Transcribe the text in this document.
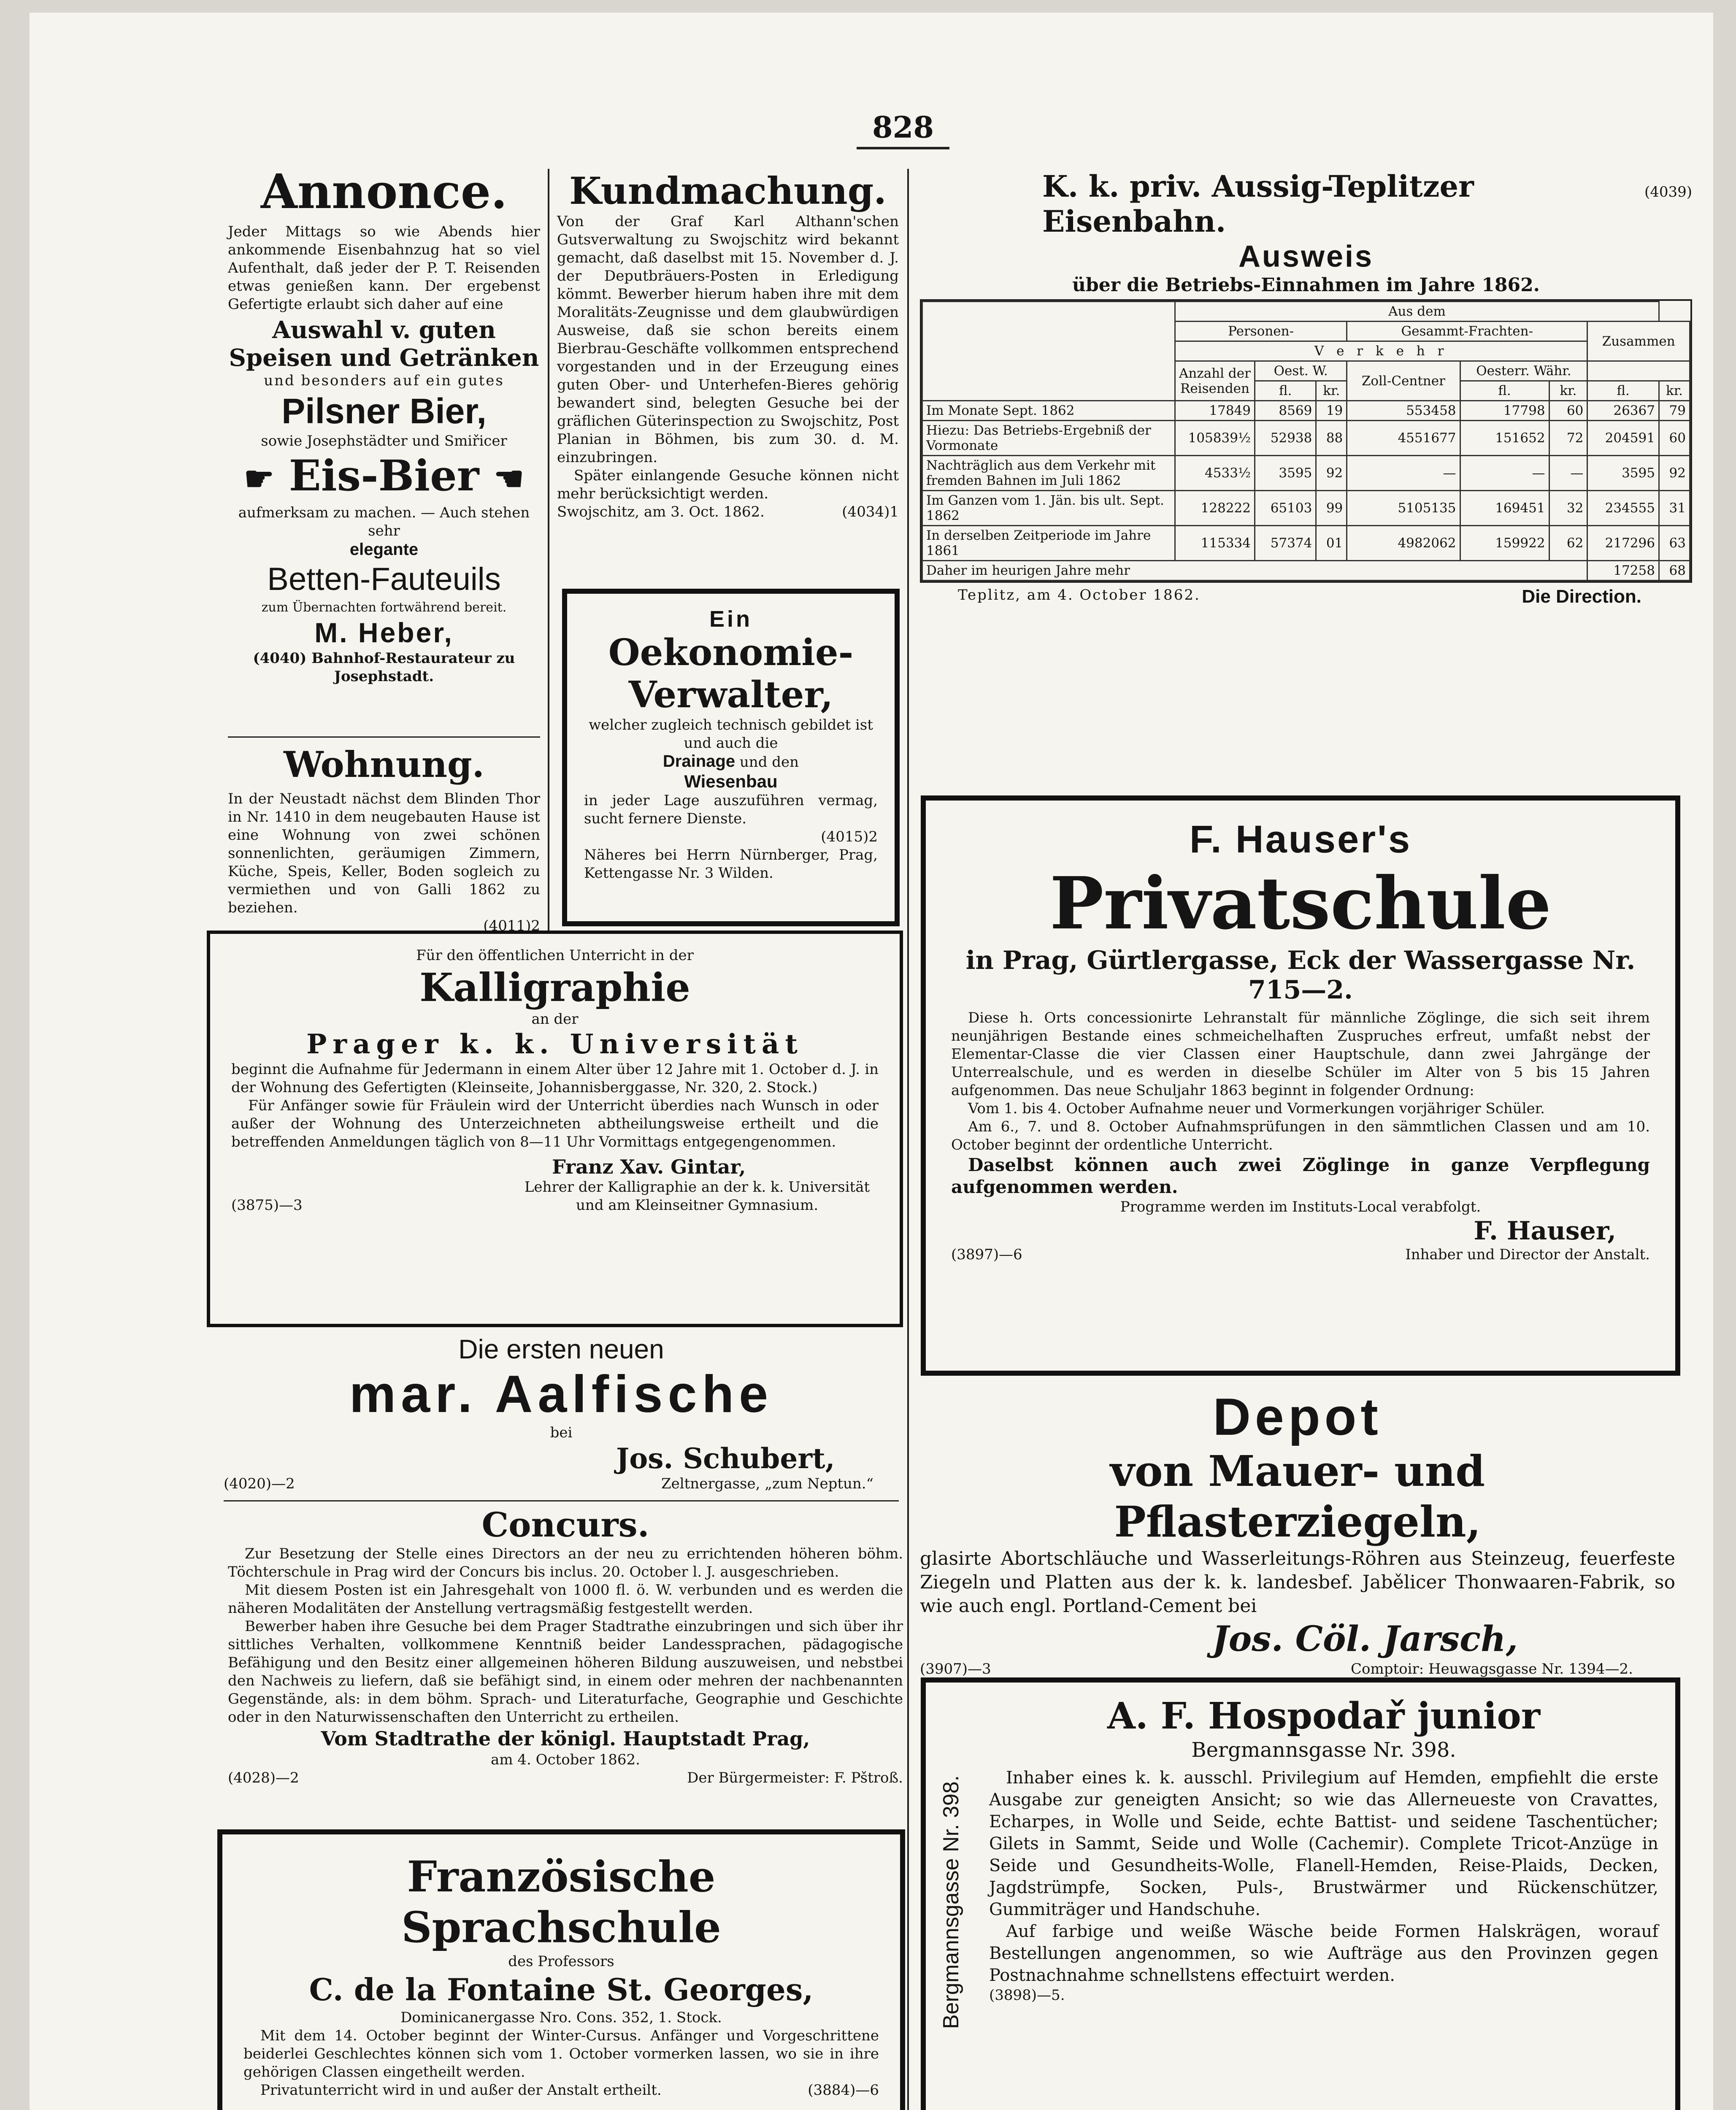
828
Annonce.
Jeder Mittags so wie Abends hier ankommende Eisenbahnzug hat so viel Aufenthalt, daß jeder der P. T. Reisenden etwas genießen kann. Der ergebenst Gefertigte erlaubt sich daher auf eine
Auswahl v. guten Speisen und Getränken
und besonders auf ein gutes
Pilsner Bier,
sowie Josephstädter und Smiřicer
☛ Eis-Bier ☚
aufmerksam zu machen. — Auch stehen sehr
elegante
Betten-Fauteuils
zum Übernachten fortwährend bereit.
M. Heber,
(4040) Bahnhof-Restaurateur zu Josephstadt.
Wohnung.
In der Neustadt nächst dem Blinden Thor in Nr. 1410 in dem neugebauten Hause ist eine Wohnung von zwei schönen sonnenlichten, geräumigen Zimmern, Küche, Speis, Keller, Boden sogleich zu vermiethen und von Galli 1862 zu beziehen.
(4011)2
Kundmachung.
Von der Graf Karl Althann'schen Gutsverwaltung zu Swojschitz wird bekannt gemacht, daß daselbst mit 15. November d. J. der Deputbräuers-Posten in Erledigung kömmt. Bewerber hierum haben ihre mit dem Moralitäts-Zeugnisse und dem glaubwürdigen Ausweise, daß sie schon bereits einem Bierbrau-Geschäfte vollkommen entsprechend vorgestanden und in der Erzeugung eines guten Ober- und Unterhefen-Bieres gehörig bewandert sind, belegten Gesuche bei der gräflichen Güterinspection zu Swojschitz, Post Planian in Böhmen, bis zum 30. d. M. einzubringen.
Später einlangende Gesuche können nicht mehr berücksichtigt werden.
Swojschitz, am 3. Oct. 1862.	(4034)1
Ein
Oekonomie-
Verwalter,
welcher zugleich technisch gebildet ist und auch die
Drainage und den
Wiesenbau
in jeder Lage auszuführen vermag, sucht fernere Dienste.
(4015)2
Näheres bei Herrn Nürnberger, Prag, Kettengasse Nr. 3 Wilden.
K. k. priv. Aussig-Teplitzer Eisenbahn.
(4039)
Ausweis
über die Betriebs-Einnahmen im Jahre 1862.
	Aus dem							
	Personen-			Gesammt-Frachten-			Zusammen	
	V e r k e h r							
	Anzahl der Reisenden	Oest. W.		Zoll-Centner	Oesterr. Währ.			
		fl.	kr.		fl.	kr.	fl.	kr.
Im Monate Sept. 1862	17849	8569	19	553458	17798	60	26367	79
Hiezu: Das Betriebs-Ergebniß der Vormonate	105839½	52938	88	4551677	151652	72	204591	60
Nachträglich aus dem Verkehr mit fremden Bahnen im Juli 1862	4533½	3595	92	—	—	—	3595	92
Im Ganzen vom 1. Jän. bis ult. Sept. 1862	128222	65103	99	5105135	169451	32	234555	31
In derselben Zeitperiode im Jahre 1861	115334	57374	01	4982062	159922	62	217296	63
Daher im heurigen Jahre mehr							17258	68
Teplitz, am 4. October 1862.	Die Direction.
F. Hauser's
Privatschule
in Prag, Gürtlergasse, Eck der Wassergasse Nr. 715—2.
Diese h. Orts concessionirte Lehranstalt für männliche Zöglinge, die sich seit ihrem neunjährigen Bestande eines schmeichelhaften Zuspruches erfreut, umfaßt nebst der Elementar-Classe die vier Classen einer Hauptschule, dann zwei Jahrgänge der Unterrealschule, und es werden in dieselbe Schüler im Alter von 5 bis 15 Jahren aufgenommen. Das neue Schuljahr 1863 beginnt in folgender Ordnung:
Vom 1. bis 4. October Aufnahme neuer und Vormerkungen vorjähriger Schüler.
Am 6., 7. und 8. October Aufnahmsprüfungen in den sämmtlichen Classen und am 10. October beginnt der ordentliche Unterricht.
Daselbst können auch zwei Zöglinge in ganze Verpflegung aufgenommen werden.
Programme werden im Instituts-Local verabfolgt.
F. Hauser,
(3897)—6	Inhaber und Director der Anstalt.
Für den öffentlichen Unterricht in der
Kalligraphie
an der
Prager k. k. Universität
beginnt die Aufnahme für Jedermann in einem Alter über 12 Jahre mit 1. October d. J. in der Wohnung des Gefertigten (Kleinseite, Johannisberggasse, Nr. 320, 2. Stock.)
Für Anfänger sowie für Fräulein wird der Unterricht überdies nach Wunsch in oder außer der Wohnung des Unterzeichneten abtheilungsweise ertheilt und die betreffenden Anmeldungen täglich von 8—11 Uhr Vormittags entgegengenommen.
Franz Xav. Gintar,
(3875)—3
Lehrer der Kalligraphie an der k. k. Universität und am Kleinseitner Gymnasium.
Die ersten neuen
mar. Aalfische
bei
Jos. Schubert,
(4020)—2	Zeltnergasse, „zum Neptun.“
Concurs.
Zur Besetzung der Stelle eines Directors an der neu zu errichtenden höheren böhm. Töchterschule in Prag wird der Concurs bis inclus. 20. October l. J. ausgeschrieben.
Mit diesem Posten ist ein Jahresgehalt von 1000 fl. ö. W. verbunden und es werden die näheren Modalitäten der Anstellung vertragsmäßig festgestellt werden.
Bewerber haben ihre Gesuche bei dem Prager Stadtrathe einzubringen und sich über ihr sittliches Verhalten, vollkommene Kenntniß beider Landessprachen, pädagogische Befähigung und den Besitz einer allgemeinen höheren Bildung auszuweisen, und nebstbei den Nachweis zu liefern, daß sie befähigt sind, in einem oder mehren der nachbenannten Gegenstände, als: in dem böhm. Sprach- und Literaturfache, Geographie und Geschichte oder in den Naturwissenschaften den Unterricht zu ertheilen.
Vom Stadtrathe der königl. Hauptstadt Prag,
am 4. October 1862.
(4028)—2	Der Bürgermeister: F. Pštroß.
Französische Sprachschule
des Professors
C. de la Fontaine St. Georges,
Dominicanergasse Nro. Cons. 352, 1. Stock.
Mit dem 14. October beginnt der Winter-Cursus. Anfänger und Vorgeschrittene beiderlei Geschlechtes können sich vom 1. October vormerken lassen, wo sie in ihre gehörigen Classen eingetheilt werden.
Privatunterricht wird in und außer der Anstalt ertheilt.	(3884)—6
Depot
von Mauer- und Pflasterziegeln,
glasirte Abortschläuche und Wasserleitungs-Röhren aus Steinzeug, feuerfeste Ziegeln und Platten aus der k. k. landesbef. Jabělicer Thonwaaren-Fabrik, so wie auch engl. Portland-Cement bei
Jos. Cöl. Jarsch,
(3907)—3	Comptoir: Heuwagsgasse Nr. 1394—2.
Bergmannsgasse Nr. 398.
A. F. Hospodař junior
Bergmannsgasse Nr. 398.
Inhaber eines k. k. ausschl. Privilegium auf Hemden, empfiehlt die erste Ausgabe zur geneigten Ansicht; so wie das Allerneueste von Cravattes, Echarpes, in Wolle und Seide, echte Battist- und seidene Taschentücher; Gilets in Sammt, Seide und Wolle (Cachemir). Complete Tricot-Anzüge in Seide und Gesundheits-Wolle, Flanell-Hemden, Reise-Plaids, Decken, Jagdstrümpfe, Socken, Puls-, Brustwärmer und Rückenschützer, Gummiträger und Handschuhe.
Auf farbige und weiße Wäsche beide Formen Halskrägen, worauf Bestellungen angenommen, so wie Aufträge aus den Provinzen gegen Postnachnahme schnellstens effectuirt werden.
(3898)—5.
